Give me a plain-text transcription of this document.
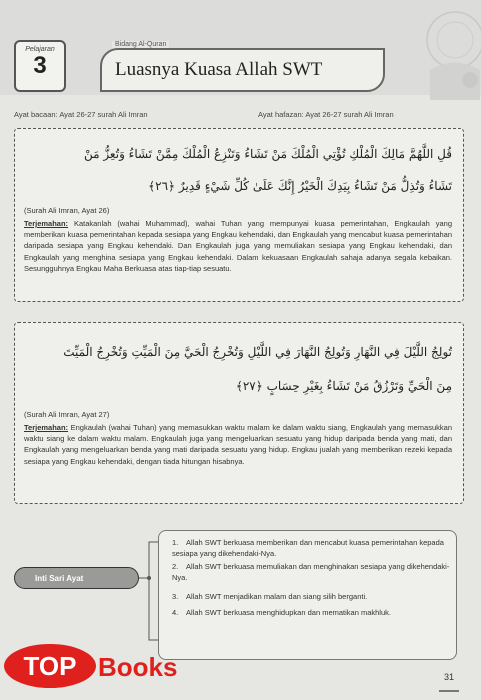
Pelajaran
3
Bidang Al-Quran
Luasnya Kuasa Allah SWT
Ayat bacaan: Ayat 26-27 surah Ali Imran	Ayat hafazan: Ayat 26-27 surah Ali Imran
قُلِ اللَّهُمَّ مَالِكَ الْمُلْكِ تُؤْتِي الْمُلْكَ مَنْ تَشَاءُ وَتَنْزِعُ الْمُلْكَ مِمَّنْ تَشَاءُ وَتُعِزُّ مَنْ
تَشَاءُ وَتُذِلُّ مَنْ تَشَاءُ بِيَدِكَ الْخَيْرُ إِنَّكَ عَلَىٰ كُلِّ شَيْءٍ قَدِيرٌ ﴿٢٦﴾
(Surah Ali Imran, Ayat 26)
Terjemahan: Katakanlah (wahai Muhammad), wahai Tuhan yang mempunyai kuasa pemerintahan, Engkaulah yang memberikan kuasa pemerintahan kepada sesiapa yang Engkau kehendaki, dan Engkaulah yang mencabut kuasa pemerintahan daripada sesiapa yang Engkau kehendaki. Dan Engkaulah juga yang memuliakan sesiapa yang Engkau kehendaki, dan Engkaulah yang menghina sesiapa yang Engkau kehendaki. Dalam kekuasaan Engkaulah sahaja adanya segala kebaikan. Sesungguhnya Engkau Maha Berkuasa atas tiap-tiap sesuatu.
تُولِجُ اللَّيْلَ فِي النَّهَارِ وَتُولِجُ النَّهَارَ فِي اللَّيْلِ وَتُخْرِجُ الْحَيَّ مِنَ الْمَيِّتِ وَتُخْرِجُ الْمَيِّتَ
مِنَ الْحَيِّ وَتَرْزُقُ مَنْ تَشَاءُ بِغَيْرِ حِسَابٍ ﴿٢٧﴾
(Surah Ali Imran, Ayat 27)
Terjemahan: Engkaulah (wahai Tuhan) yang memasukkan waktu malam ke dalam waktu siang, Engkaulah yang memasukkan waktu siang ke dalam waktu malam. Engkaulah juga yang mengeluarkan sesuatu yang hidup daripada benda yang mati, dan Engkaulah yang mengeluarkan benda yang mati daripada sesuatu yang hidup. Engkau jualah yang memberikan rezeki kepada sesiapa yang Engkau kehendaki, dengan tiada hitungan hisabnya.
Inti Sari Ayat
1. Allah SWT berkuasa memberikan dan mencabut kuasa pemerintahan kepada sesiapa yang dikehendaki-Nya.
2. Allah SWT berkuasa memuliakan dan menghinakan sesiapa yang dikehendaki-Nya.
3. Allah SWT menjadikan malam dan siang silih berganti.
4. Allah SWT berkuasa menghidupkan dan mematikan makhluk.
31
TOP Books
